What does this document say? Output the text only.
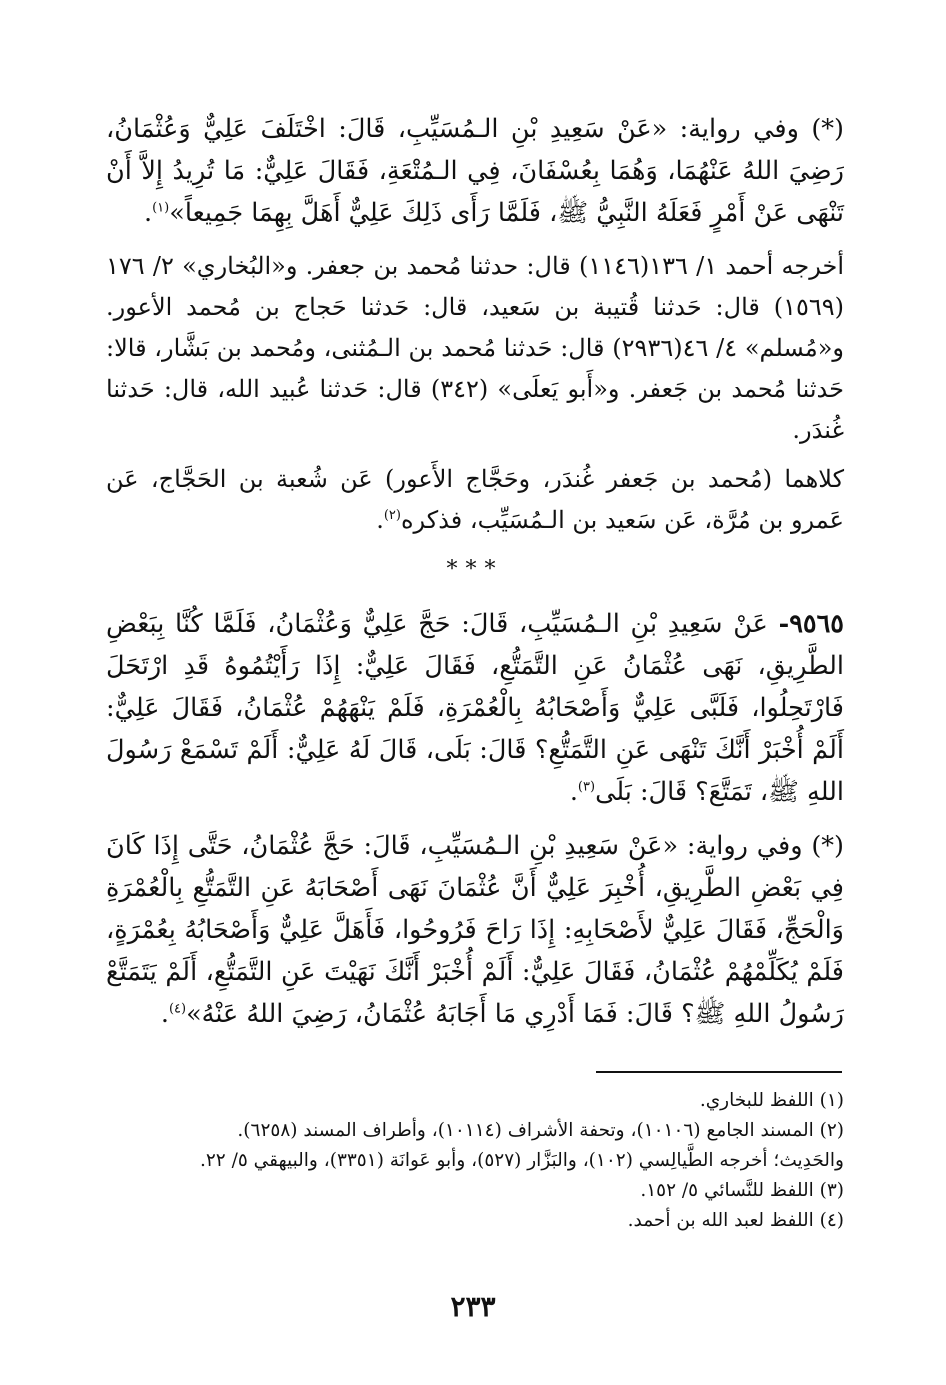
(*) وفي رواية: «عَنْ سَعِيدِ بْنِ الـمُسَيِّبِ، قَالَ: اخْتَلَفَ عَلِيٌّ وَعُثْمَانُ، رَضِيَ اللهُ عَنْهُمَا، وَهُمَا بِعُسْفَانَ، فِي الـمُتْعَةِ، فَقَالَ عَلِيٌّ: مَا تُرِيدُ إِلاَّ أَنْ تَنْهَى عَنْ أَمْرٍ فَعَلَهُ النَّبِيُّ ﷺ، فَلَمَّا رَأَى ذَلِكَ عَلِيٌّ أَهَلَّ بِهِمَا جَمِيعاً»$^{(١)}$.

أخرجه أحمد ١/ ١٣٦(١١٤٦) قال: حدثنا مُحمد بن جعفر. و«البُخاري» ٢/ ١٧٦ (١٥٦٩) قال: حَدثنا قُتيبة بن سَعيد، قال: حَدثنا حَجاج بن مُحمد الأعور. و«مُسلم» ٤/ ٤٦(٢٩٣٦) قال: حَدثنا مُحمد بن الـمُثنى، ومُحمد بن بَشَّار، قالا: حَدثنا مُحمد بن جَعفر. و«أَبو يَعلَى» (٣٤٢) قال: حَدثنا عُبيد الله، قال: حَدثنا غُندَر.

كلاهما (مُحمد بن جَعفر غُندَر، وحَجَّاج الأَعور) عَن شُعبة بن الحَجَّاج، عَن عَمرو بن مُرَّة، عَن سَعيد بن الـمُسَيِّب، فذكره$^{(٢)}$.

***

٩٥٦٥- عَنْ سَعِيدِ بْنِ الـمُسَيِّبِ، قَالَ: حَجَّ عَلِيٌّ وَعُثْمَانُ، فَلَمَّا كُنَّا بِبَعْضِ الطَّرِيقِ، نَهَى عُثْمَانُ عَنِ التَّمَتُّعِ، فَقَالَ عَلِيٌّ: إِذَا رَأَيْتُمُوهُ قَدِ ارْتَحَلَ فَارْتَحِلُوا، فَلَبَّى عَلِيٌّ وَأَصْحَابُهُ بِالْعُمْرَةِ، فَلَمْ يَنْهَهُمْ عُثْمَانُ، فَقَالَ عَلِيٌّ: أَلَمْ أُخْبَرْ أَنَّكَ تَنْهَى عَنِ التَّمَتُّعِ؟ قَالَ: بَلَى، قَالَ لَهُ عَلِيٌّ: أَلَمْ تَسْمَعْ رَسُولَ اللهِ ﷺ، تَمَتَّعَ؟ قَالَ: بَلَى$^{(٣)}$.

(*) وفي رواية: «عَنْ سَعِيدِ بْنِ الـمُسَيِّبِ، قَالَ: حَجَّ عُثْمَانُ، حَتَّى إِذَا كَانَ فِي بَعْضِ الطَّرِيقِ، أُخْبِرَ عَلِيٌّ أَنَّ عُثْمَانَ نَهَى أَصْحَابَهُ عَنِ التَّمَتُّعِ بِالْعُمْرَةِ وَالْحَجِّ، فَقَالَ عَلِيٌّ لأَصْحَابِهِ: إِذَا رَاحَ فَرُوحُوا، فَأَهَلَّ عَلِيٌّ وَأَصْحَابُهُ بِعُمْرَةٍ، فَلَمْ يُكَلِّمْهُمْ عُثْمَانُ، فَقَالَ عَلِيٌّ: أَلَمْ أُخْبَرْ أَنَّكَ نَهَيْتَ عَنِ التَّمَتُّعِ، أَلَمْ يَتَمَتَّعْ رَسُولُ اللهِ ﷺ؟ قَالَ: فَمَا أَدْرِي مَا أَجَابَهُ عُثْمَانُ، رَضِيَ اللهُ عَنْهُ»$^{(٤)}$.

(١) اللفظ للبخاري.
(٢) المسند الجامع (١٠١٠٦)، وتحفة الأشراف (١٠١١٤)، وأطراف المسند (٦٢٥٨).
والحَدِيث؛ أخرجه الطَّيالِسي (١٠٢)، والبَزَّار (٥٢٧)، وأبو عَوانَة (٣٣٥١)، والبيهقي ٥/ ٢٢.
(٣) اللفظ للنَّسائي ٥/ ١٥٢.
(٤) اللفظ لعبد الله بن أحمد.
٢٣٣
